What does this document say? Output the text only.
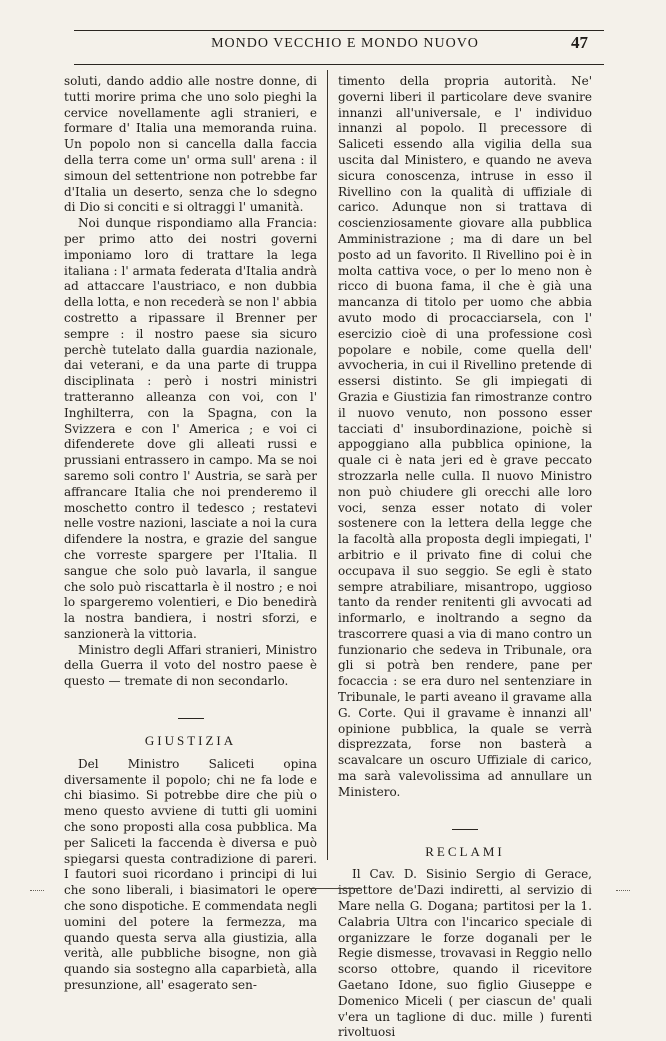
MONDO VECCHIO E MONDO NUOVO	47

soluti, dando addio alle nostre donne, di tutti morire prima che uno solo pieghi la cervice novellamente agli stranieri, e formare d' Italia una memoranda ruina. Un popolo non si cancella dalla faccia della terra come un' orma sull' arena : il simoun del settentrione non potrebbe far d'Italia un deserto, senza che lo sdegno di Dio si conciti e si oltraggi l' umanità.

Noi dunque rispondiamo alla Francia: per primo atto dei nostri governi imponiamo loro di trattare la lega italiana : l' armata federata d'Italia andrà ad attaccare l'austriaco, e non dubbia della lotta, e non recederà se non l' abbia costretto a ripassare il Brenner per sempre : il nostro paese sia sicuro perchè tutelato dalla guardia nazionale, dai veterani, e da una parte di truppa disciplinata : però i nostri ministri tratteranno alleanza con voi, con l' Inghilterra, con la Spagna, con la Svizzera e con l' America ; e voi ci difenderete dove gli alleati russi e prussiani entrassero in campo. Ma se noi saremo soli contro l' Austria, se sarà per affrancare Italia che noi prenderemo il moschetto contro il tedesco ; restatevi nelle vostre nazioni, lasciate a noi la cura difendere la nostra, e grazie del sangue che vorreste spargere per l'Italia. Il sangue che solo può lavarla, il sangue che solo può riscattarla è il nostro ; e noi lo spargeremo volentieri, e Dio benedirà la nostra bandiera, i nostri sforzi, e sanzionerà la vittoria.

Ministro degli Affari stranieri, Ministro della Guerra il voto del nostro paese è questo — tremate di non secondarlo.

GIUSTIZIA

Del Ministro Saliceti opina diversamente il popolo; chi ne fa lode e chi biasimo. Si potrebbe dire che più o meno questo avviene di tutti gli uomini che sono proposti alla cosa pubblica. Ma per Saliceti la faccenda è diversa e può spiegarsi questa contradizione di pareri. I fautori suoi ricordano i principi di lui che sono liberali, i biasimatori le opere che sono dispotiche. E commendata negli uomini del potere la fermezza, ma quando questa serva alla giustizia, alla verità, alle pubbliche bisogne, non già quando sia sostegno alla caparbietà, alla presunzione, all' esagerato sen-

timento della propria autorità. Ne' governi liberi il particolare deve svanire innanzi all'universale, e l' individuo innanzi al popolo. Il precessore di Saliceti essendo alla vigilia della sua uscita dal Ministero, e quando ne aveva sicura conoscenza, intruse in esso il Rivellino con la qualità di uffiziale di carico. Adunque non si trattava di coscienziosamente giovare alla pubblica Amministrazione ; ma di dare un bel posto ad un favorito. Il Rivellino poi è in molta cattiva voce, o per lo meno non è ricco di buona fama, il che è già una mancanza di titolo per uomo che abbia avuto modo di procacciarsela, con l' esercizio cioè di una professione così popolare e nobile, come quella dell' avvocheria, in cui il Rivellino pretende di essersi distinto. Se gli impiegati di Grazia e Giustizia fan rimostranze contro il nuovo venuto, non possono esser tacciati d' insubordinazione, poichè si appoggiano alla pubblica opinione, la quale ci è nata jeri ed è grave peccato strozzarla nelle culla. Il nuovo Ministro non può chiudere gli orecchi alle loro voci, senza esser notato di voler sostenere con la lettera della legge che la facoltà alla proposta degli impiegati, l' arbitrio e il privato fine di colui che occupava il suo seggio. Se egli è stato sempre atrabiliare, misantropo, uggioso tanto da render renitenti gli avvocati ad informarlo, e inoltrando a segno da trascorrere quasi a via di mano contro un funzionario che sedeva in Tribunale, ora gli si potrà ben rendere, pane per focaccia : se era duro nel sentenziare in Tribunale, le parti aveano il gravame alla G. Corte. Qui il gravame è innanzi all' opinione pubblica, la quale se verrà disprezzata, forse non basterà a scavalcare un oscuro Uffiziale di carico, ma sarà valevolissima ad annullare un Ministero.

RECLAMI

Il Cav. D. Sisinio Sergio di Gerace, ispettore de'Dazi indiretti, al servizio di Mare nella G. Dogana; partitosi per la 1. Calabria Ultra con l'incarico speciale di organizzare le forze doganali per le Regie dismesse, trovavasi in Reggio nello scorso ottobre, quando il ricevitore Gaetano Idone, suo figlio Giuseppe e Domenico Miceli ( per ciascun de' quali v'era un taglione di duc. mille ) furenti rivoltuosi
